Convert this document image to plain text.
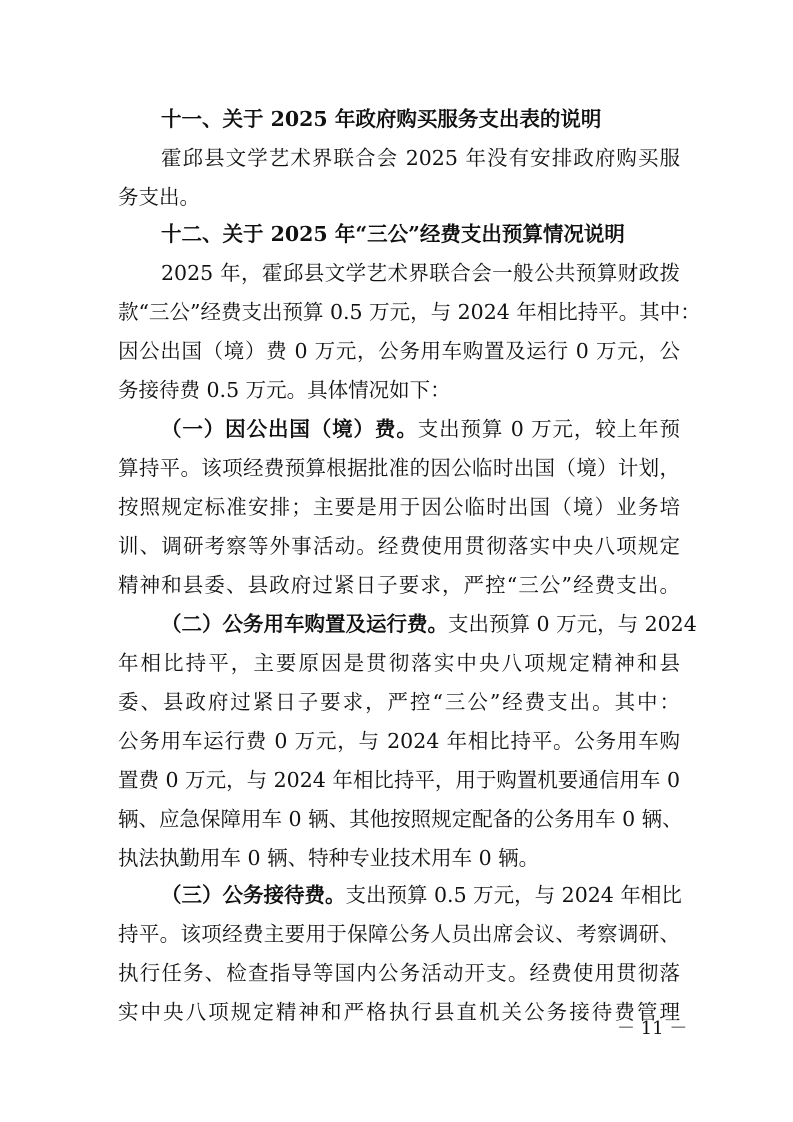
十一、关于 2025 年政府购买服务支出表的说明
霍邱县文学艺术界联合会 2025 年没有安排政府购买服
务支出。
十二、关于 2025 年“三公”经费支出预算情况说明
2025 年，霍邱县文学艺术界联合会一般公共预算财政拨
款“三公”经费支出预算 0.5 万元，与 2024 年相比持平。其中：
因公出国（境）费 0 万元，公务用车购置及运行 0 万元，公
务接待费 0.5 万元。具体情况如下：
（一）因公出国（境）费。支出预算 0 万元，较上年预
算持平。该项经费预算根据批准的因公临时出国（境）计划，
按照规定标准安排；主要是用于因公临时出国（境）业务培
训、调研考察等外事活动。经费使用贯彻落实中央八项规定
精神和县委、县政府过紧日子要求，严控“三公”经费支出。
（二）公务用车购置及运行费。支出预算 0 万元，与 2024
年相比持平，主要原因是贯彻落实中央八项规定精神和县
委、县政府过紧日子要求，严控“三公”经费支出。其中：
公务用车运行费 0 万元，与 2024 年相比持平。公务用车购
置费 0 万元，与 2024 年相比持平，用于购置机要通信用车 0
辆、应急保障用车 0 辆、其他按照规定配备的公务用车 0 辆、
执法执勤用车 0 辆、特种专业技术用车 0 辆。
（三）公务接待费。支出预算 0.5 万元，与 2024 年相比
持平。该项经费主要用于保障公务人员出席会议、考察调研、
执行任务、检查指导等国内公务活动开支。经费使用贯彻落
实中央八项规定精神和严格执行县直机关公务接待费管理
－ 11 －
